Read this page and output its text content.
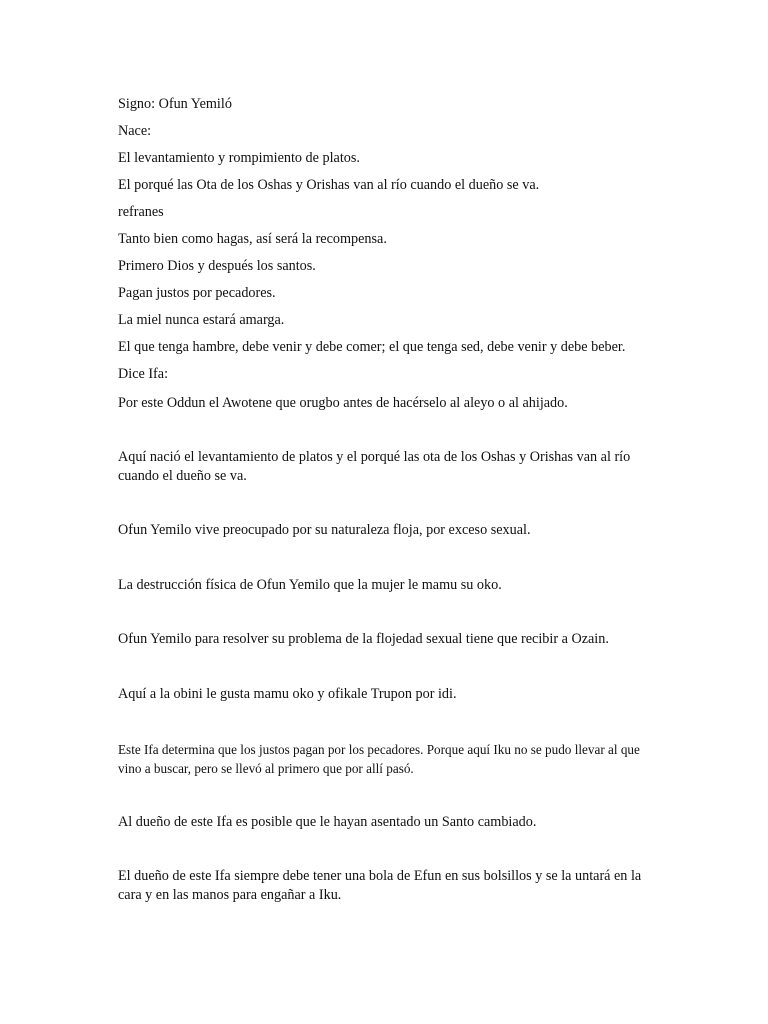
Signo: Ofun Yemiló

Nace:

El levantamiento y rompimiento de platos.

El porqué las Ota de los Oshas y Orishas van al río cuando el dueño se va.

refranes

Tanto bien como hagas, así será la recompensa.

Primero Dios y después los santos.

Pagan justos por pecadores.

La miel nunca estará amarga.

El que tenga hambre, debe venir y debe comer; el que tenga sed, debe venir y debe beber.

Dice Ifa:

Por este Oddun el Awotene que orugbo antes de hacérselo al aleyo o al ahijado.

Aquí nació el levantamiento de platos y el porqué las ota de los Oshas y Orishas van al río cuando el dueño se va.

Ofun Yemilo vive preocupado por su naturaleza floja, por exceso sexual.

La destrucción física de Ofun Yemilo que la mujer le mamu su oko.

Ofun Yemilo para resolver su problema de la flojedad sexual tiene que recibir a Ozain.

Aquí a la obini le gusta mamu oko y ofikale Trupon por idi.

Este Ifa determina que los justos pagan por los pecadores. Porque aquí Iku no se pudo llevar al que vino a buscar, pero se llevó al primero que por allí pasó.

Al dueño de este Ifa es posible que le hayan asentado un Santo cambiado.

El dueño de este Ifa siempre debe tener una bola de Efun en sus bolsillos y se la untará en la cara y en las manos para engañar a Iku.
